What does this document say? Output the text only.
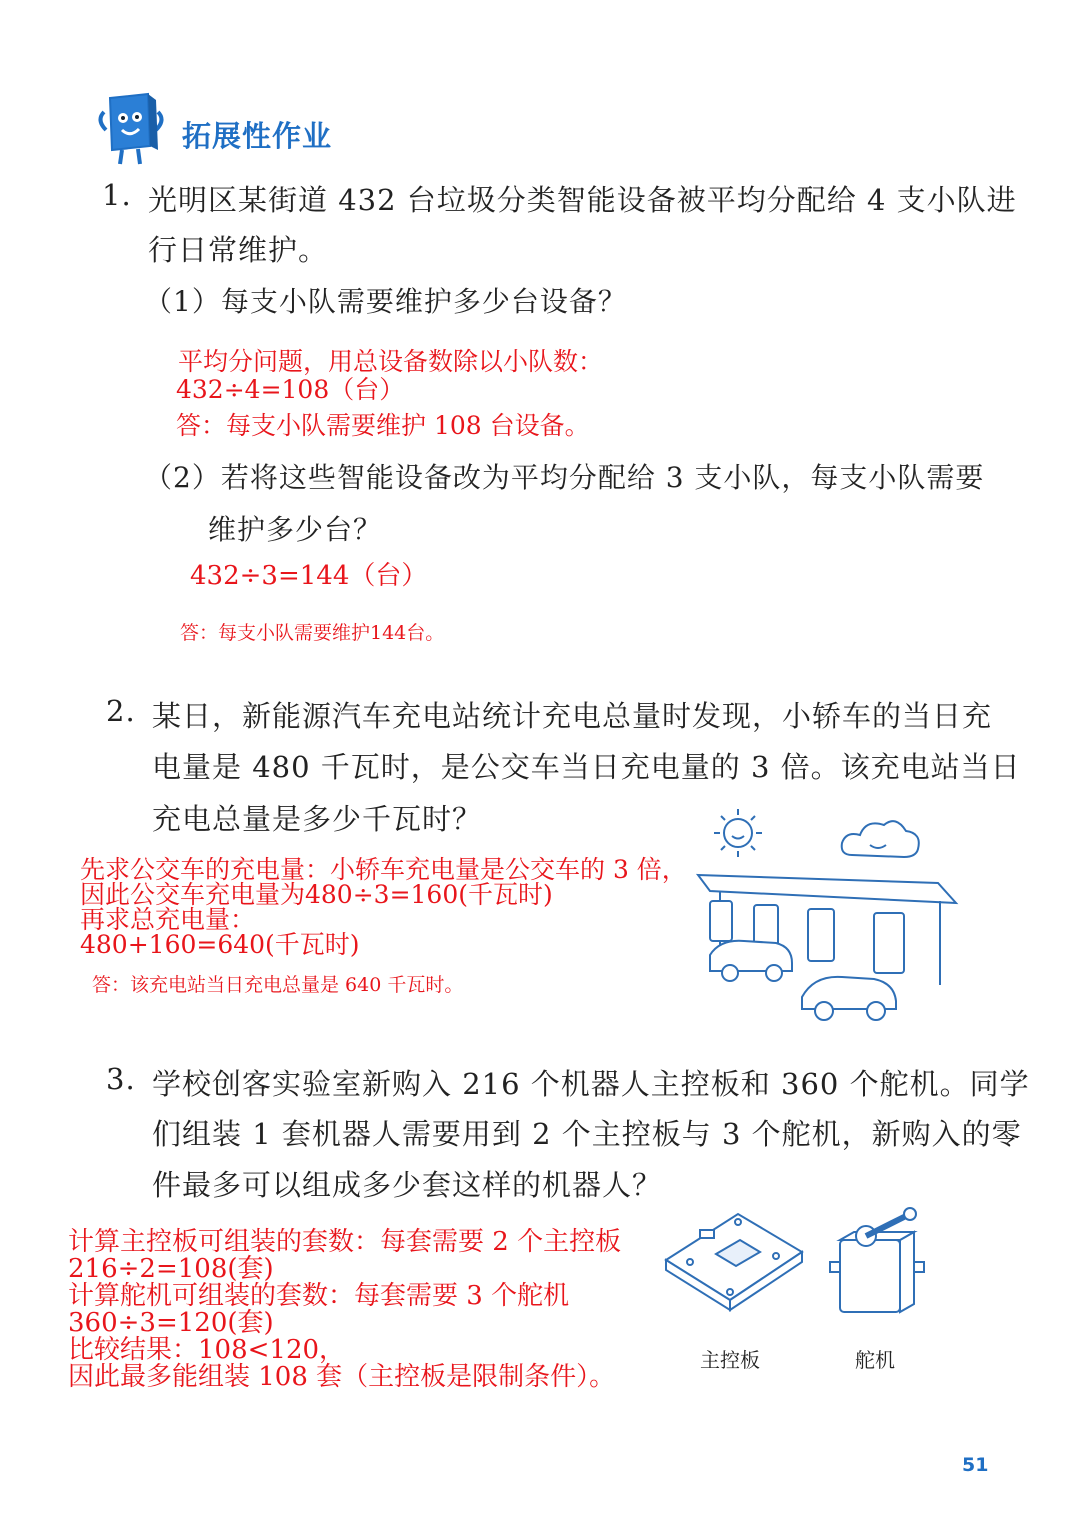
拓展性作业
1. 光明区某街道 432 台垃圾分类智能设备被平均分配给 4 支小队进
行日常维护。
（1）每支小队需要维护多少台设备？
平均分问题，用总设备数除以小队数：
432÷4=108（台）
答：每支小队需要维护 108 台设备。
（2）若将这些智能设备改为平均分配给 3 支小队，每支小队需要
维护多少台？
432÷3=144（台）
答：每支小队需要维护144台。
2. 某日，新能源汽车充电站统计充电总量时发现，小轿车的当日充
电量是 480 千瓦时，是公交车当日充电量的 3 倍。该充电站当日
充电总量是多少千瓦时？
先求公交车的充电量：小轿车充电量是公交车的 3 倍，
因此公交车充电量为480÷3=160(千瓦时)
再求总充电量：
480+160=640(千瓦时)
答：该充电站当日充电总量是 640 千瓦时。
3. 学校创客实验室新购入 216 个机器人主控板和 360 个舵机。同学
们组装 1 套机器人需要用到 2 个主控板与 3 个舵机，新购入的零
件最多可以组成多少套这样的机器人？
计算主控板可组装的套数：每套需要 2 个主控板
216÷2=108(套)
计算舵机可组装的套数：每套需要 3 个舵机
360÷3=120(套)
比较结果：108<120，
因此最多能组装 108 套（主控板是限制条件）。
主控板	舵机
51
